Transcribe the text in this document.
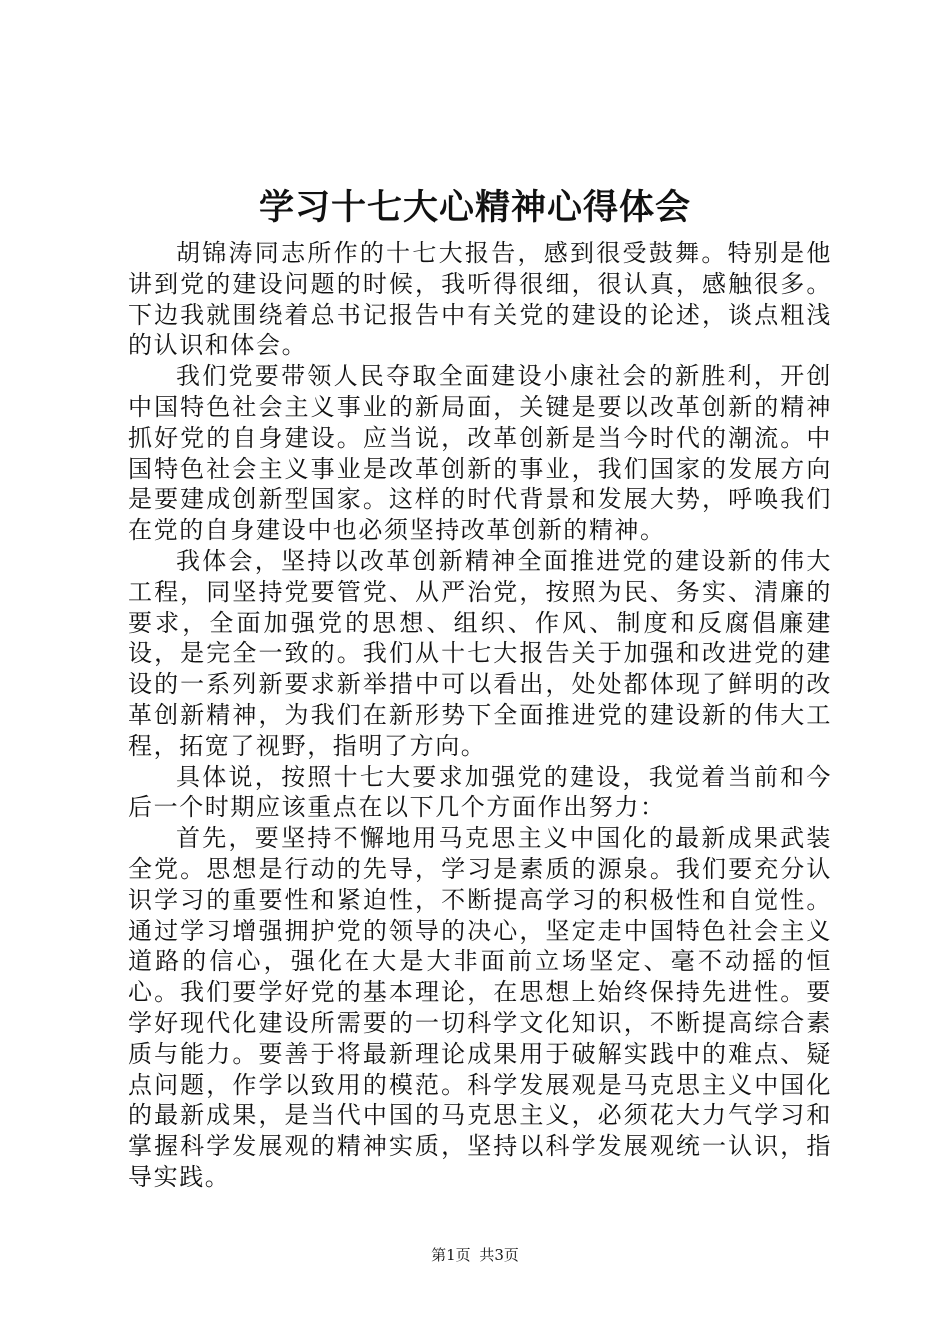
学习十七大心精神心得体会

胡锦涛同志所作的十七大报告，感到很受鼓舞。特别是他讲到党的建设问题的时候，我听得很细，很认真，感触很多。下边我就围绕着总书记报告中有关党的建设的论述，谈点粗浅的认识和体会。

我们党要带领人民夺取全面建设小康社会的新胜利，开创中国特色社会主义事业的新局面，关键是要以改革创新的精神抓好党的自身建设。应当说，改革创新是当今时代的潮流。中国特色社会主义事业是改革创新的事业，我们国家的发展方向是要建成创新型国家。这样的时代背景和发展大势，呼唤我们在党的自身建设中也必须坚持改革创新的精神。

我体会，坚持以改革创新精神全面推进党的建设新的伟大工程，同坚持党要管党、从严治党，按照为民、务实、清廉的要求，全面加强党的思想、组织、作风、制度和反腐倡廉建设，是完全一致的。我们从十七大报告关于加强和改进党的建设的一系列新要求新举措中可以看出，处处都体现了鲜明的改革创新精神，为我们在新形势下全面推进党的建设新的伟大工程，拓宽了视野，指明了方向。

具体说，按照十七大要求加强党的建设，我觉着当前和今后一个时期应该重点在以下几个方面作出努力：

首先，要坚持不懈地用马克思主义中国化的最新成果武装全党。思想是行动的先导，学习是素质的源泉。我们要充分认识学习的重要性和紧迫性，不断提高学习的积极性和自觉性。通过学习增强拥护党的领导的决心，坚定走中国特色社会主义道路的信心，强化在大是大非面前立场坚定、毫不动摇的恒心。我们要学好党的基本理论，在思想上始终保持先进性。要学好现代化建设所需要的一切科学文化知识，不断提高综合素质与能力。要善于将最新理论成果用于破解实践中的难点、疑点问题，作学以致用的模范。科学发展观是马克思主义中国化的最新成果，是当代中国的马克思主义，必须花大力气学习和掌握科学发展观的精神实质，坚持以科学发展观统一认识，指导实践。

第1页 共3页
